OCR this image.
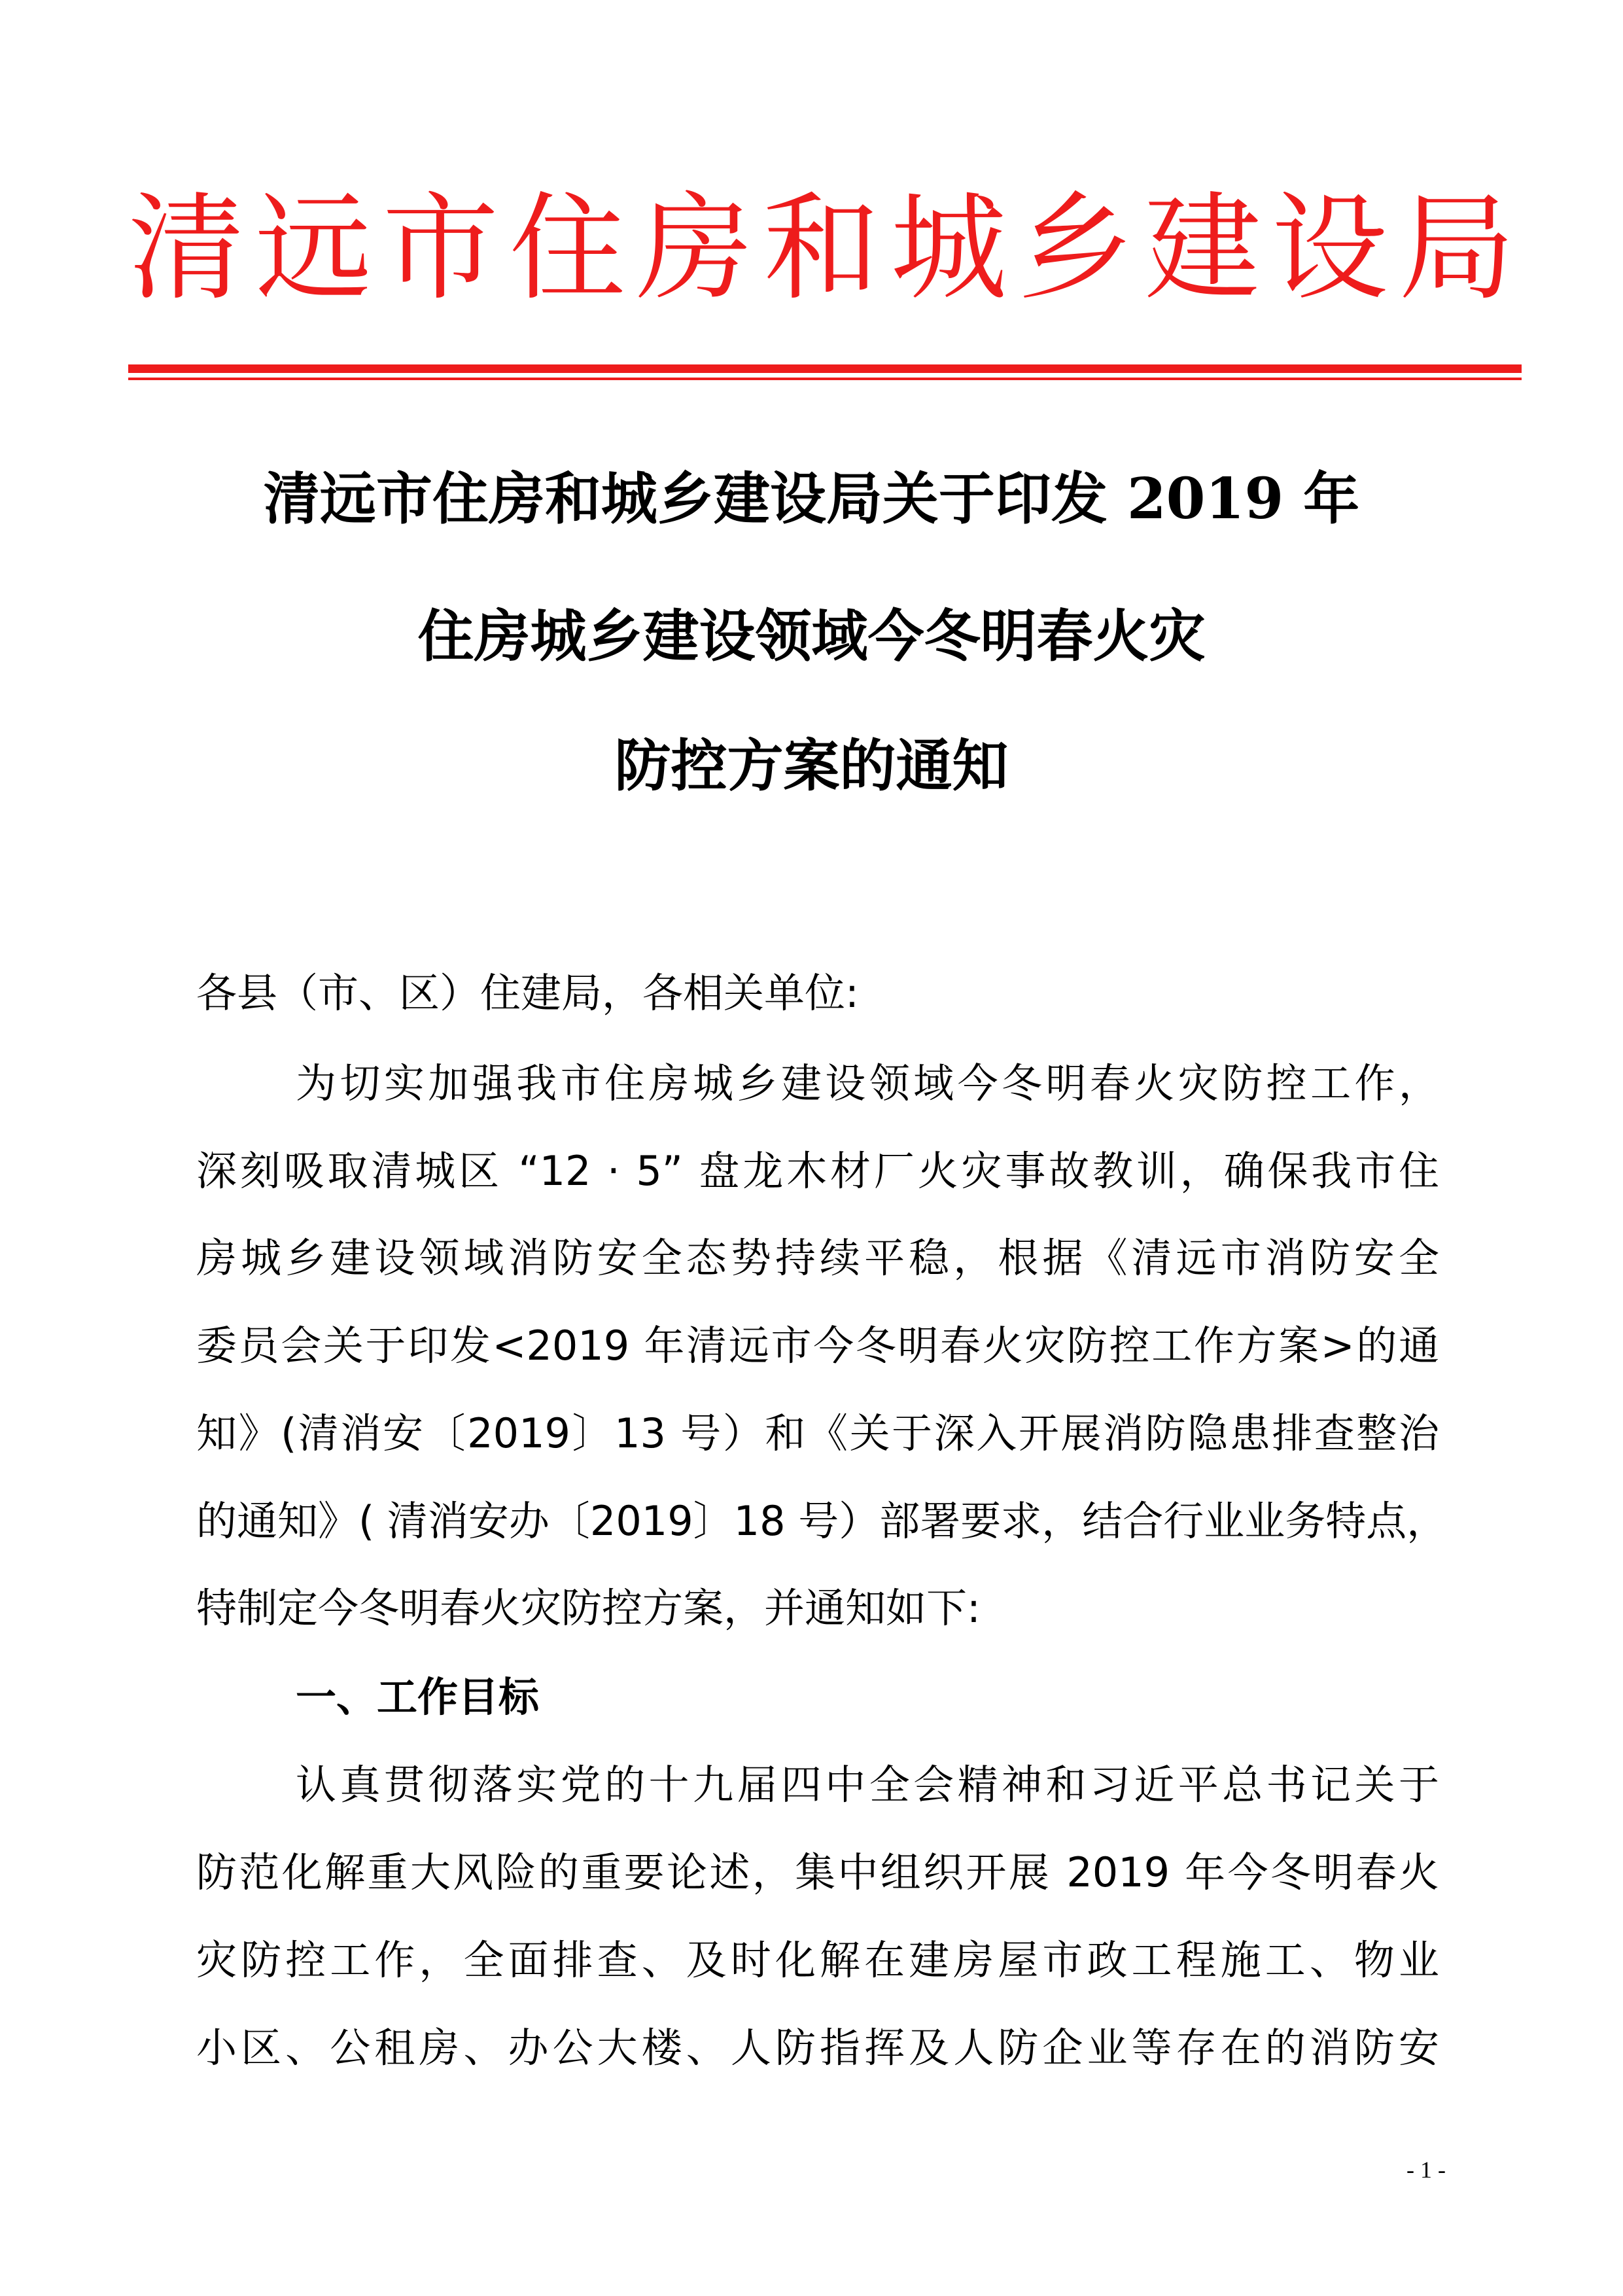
清 远 市 住 房 和 城 乡 建 设 局
清远市住房和城乡建设局关于印发 2019 年
住房城乡建设领域今冬明春火灾
防控方案的通知

各县（市、区）住建局，各相关单位:

为切实加强我市住房城乡建设领域今冬明春火灾防控工作，

深刻吸取清城区 “12 · 5” 盘龙木材厂火灾事故教训，确保我市住

房城乡建设领域消防安全态势持续平稳，根据《清远市消防安全

委员会关于印发<2019 年清远市今冬明春火灾防控工作方案>的通

知》(清消安〔2019〕13 号）和《关于深入开展消防隐患排查整治

的通知》( 清消安办〔2019〕18 号）部署要求，结合行业业务特点，

特制定今冬明春火灾防控方案，并通知如下:

一、工作目标

认真贯彻落实党的十九届四中全会精神和习近平总书记关于

防范化解重大风险的重要论述，集中组织开展 2019 年今冬明春火

灾防控工作，全面排查、及时化解在建房屋市政工程施工、物业

小区、公租房、办公大楼、人防指挥及人防企业等存在的消防安

- 1 -
